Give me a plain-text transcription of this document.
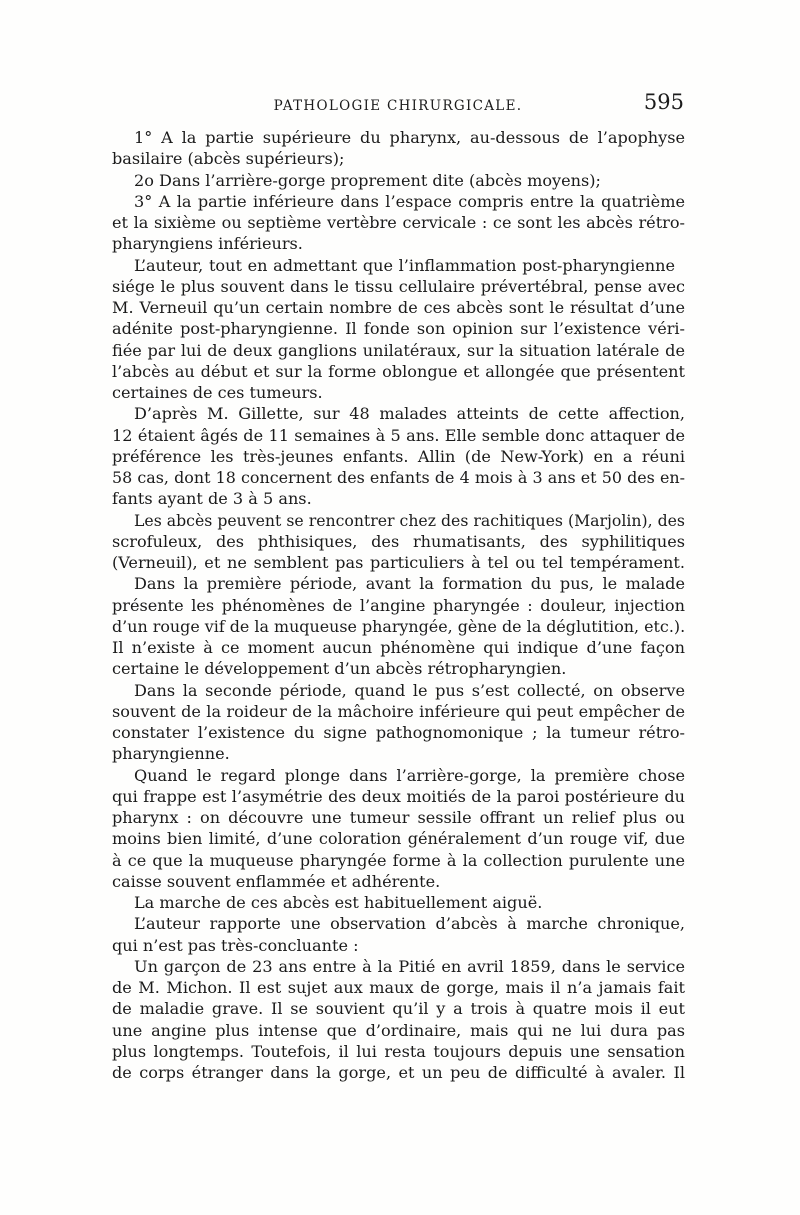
PATHOLOGIE CHIRURGICALE.	595
1° A la partie supérieure du pharynx, au-dessous de l’apophyse
basilaire (abcès supérieurs);
2o Dans l’arrière-gorge proprement dite (abcès moyens);
3° A la partie inférieure dans l’espace compris entre la quatrième
et la sixième ou septième vertèbre cervicale : ce sont les abcès rétro-
pharyngiens inférieurs.
L’auteur, tout en admettant que l’inflammation post-pharyngienne
siége le plus souvent dans le tissu cellulaire prévertébral, pense avec
M. Verneuil qu’un certain nombre de ces abcès sont le résultat d’une
adénite post-pharyngienne. Il fonde son opinion sur l’existence véri-
fiée par lui de deux ganglions unilatéraux, sur la situation latérale de
l’abcès au début et sur la forme oblongue et allongée que présentent
certaines de ces tumeurs.
D’après M. Gillette, sur 48 malades atteints de cette affection,
12 étaient âgés de 11 semaines à 5 ans. Elle semble donc attaquer de
préférence les très-jeunes enfants. Allin (de New-York) en a réuni
58 cas, dont 18 concernent des enfants de 4 mois à 3 ans et 50 des en-
fants ayant de 3 à 5 ans.
Les abcès peuvent se rencontrer chez des rachitiques (Marjolin), des
scrofuleux, des phthisiques, des rhumatisants, des syphilitiques
(Verneuil), et ne semblent pas particuliers à tel ou tel tempérament.
Dans la première période, avant la formation du pus, le malade
présente les phénomènes de l’angine pharyngée : douleur, injection
d’un rouge vif de la muqueuse pharyngée, gène de la déglutition, etc.).
Il n’existe à ce moment aucun phénomène qui indique d’une façon
certaine le développement d’un abcès rétropharyngien.
Dans la seconde période, quand le pus s’est collecté, on observe
souvent de la roideur de la mâchoire inférieure qui peut empêcher de
constater l’existence du signe pathognomonique ; la tumeur rétro-
pharyngienne.
Quand le regard plonge dans l’arrière-gorge, la première chose
qui frappe est l’asymétrie des deux moitiés de la paroi postérieure du
pharynx : on découvre une tumeur sessile offrant un relief plus ou
moins bien limité, d’une coloration généralement d’un rouge vif, due
à ce que la muqueuse pharyngée forme à la collection purulente une
caisse souvent enflammée et adhérente.
La marche de ces abcès est habituellement aiguë.
L’auteur rapporte une observation d’abcès à marche chronique,
qui n’est pas très-concluante :
Un garçon de 23 ans entre à la Pitié en avril 1859, dans le service
de M. Michon. Il est sujet aux maux de gorge, mais il n’a jamais fait
de maladie grave. Il se souvient qu’il y a trois à quatre mois il eut
une angine plus intense que d’ordinaire, mais qui ne lui dura pas
plus longtemps. Toutefois, il lui resta toujours depuis une sensation
de corps étranger dans la gorge, et un peu de difficulté à avaler. Il
